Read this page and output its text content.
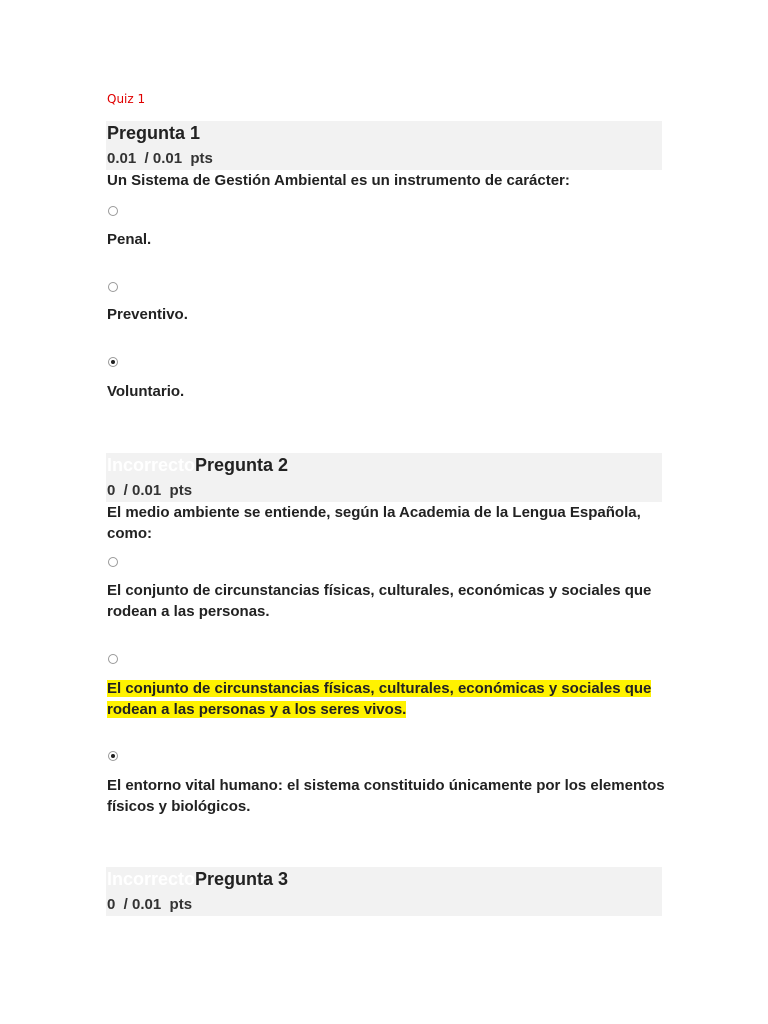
Quiz 1
Pregunta 1
0.01  / 0.01  pts
Un Sistema de Gestión Ambiental es un instrumento de carácter:
Penal.
Preventivo.
Voluntario.
IncorrectoPregunta 2
0  / 0.01  pts
El medio ambiente se entiende, según la Academia de la Lengua Española, como:
El conjunto de circunstancias físicas, culturales, económicas y sociales que rodean a las personas.
El conjunto de circunstancias físicas, culturales, económicas y sociales que rodean a las personas y a los seres vivos.
El entorno vital humano: el sistema constituido únicamente por los elementos físicos y biológicos.
IncorrectoPregunta 3
0  / 0.01  pts
